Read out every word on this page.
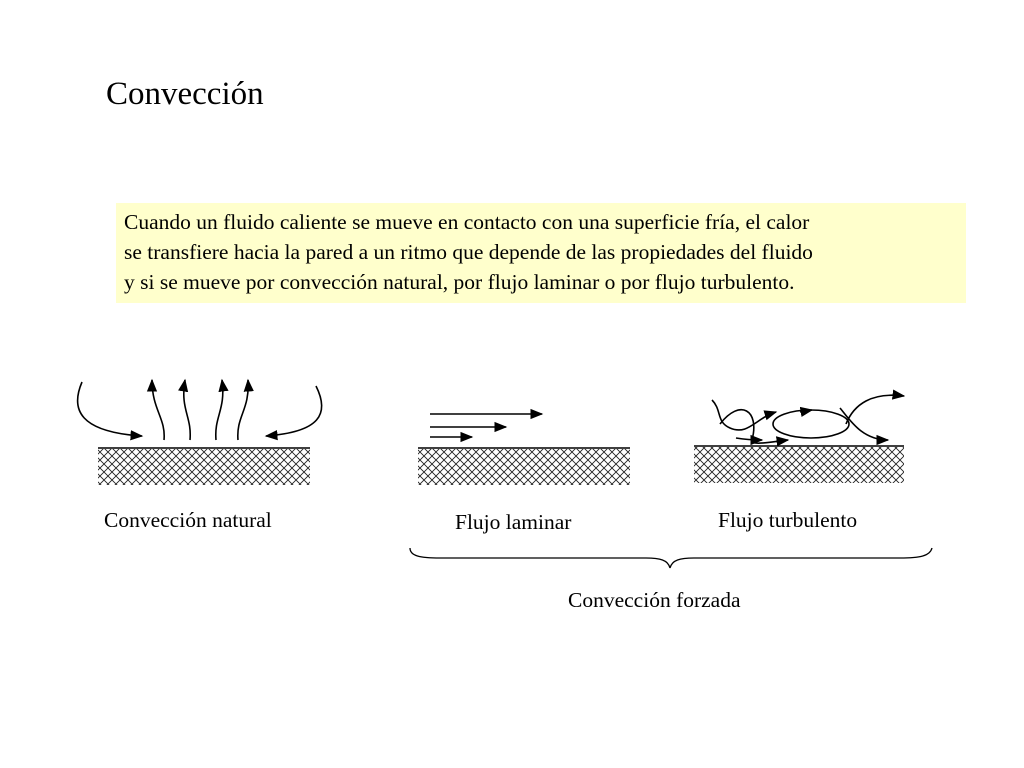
Convección
Cuando un fluido caliente se mueve en contacto con una superficie fría, el calor
se transfiere hacia la pared a un ritmo que depende de las propiedades del fluido
y si se mueve por convección natural, por flujo laminar o por flujo turbulento.
Convección natural	Flujo laminar	Flujo turbulento
Convección forzada
